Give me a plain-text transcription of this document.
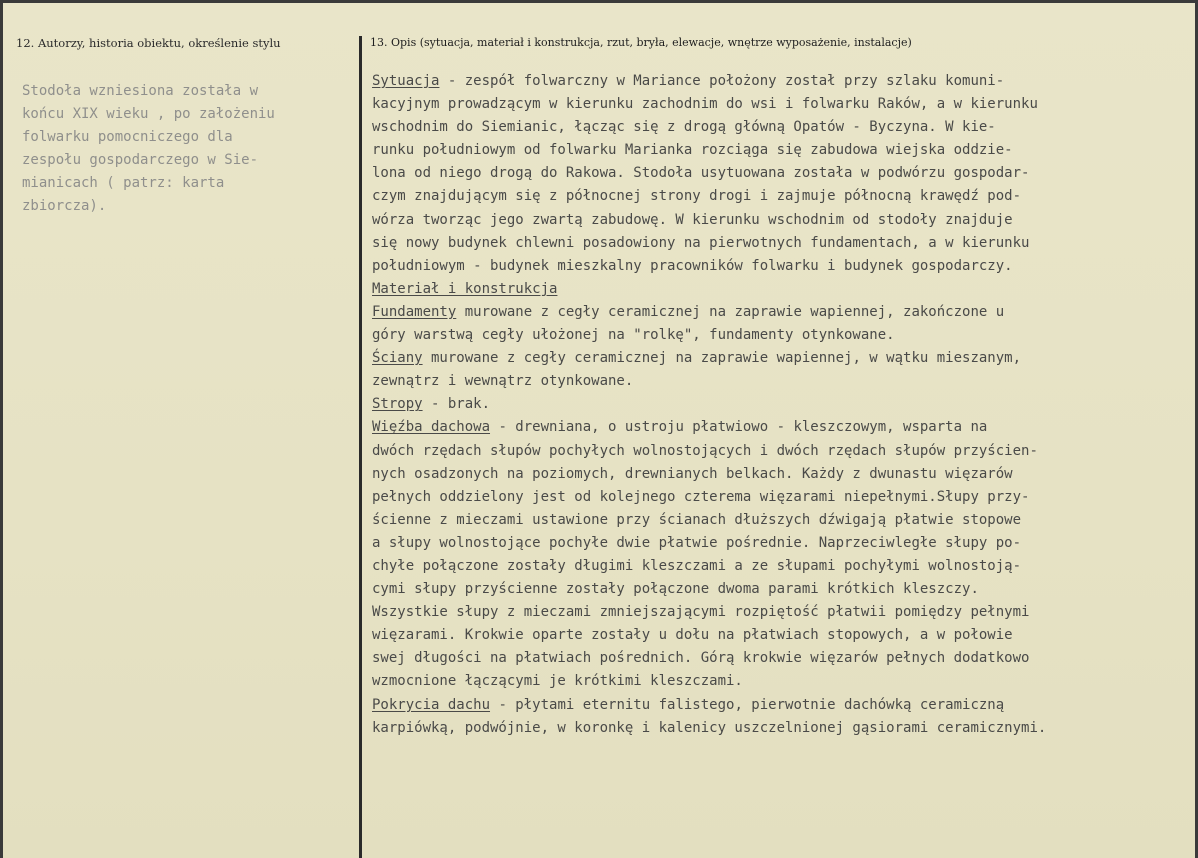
12. Autorzy, historia obiektu, określenie stylu	13. Opis (sytuacja, materiał i konstrukcja, rzut, bryła, elewacje, wnętrze wyposażenie, instalacje)
Stodoła wzniesiona została w
końcu XIX wieku , po założeniu
folwarku pomocniczego dla
zespołu gospodarczego w Sie-
mianicach ( patrz: karta
zbiorcza).
Sytuacja - zespół folwarczny w Mariance położony został przy szlaku komuni-
kacyjnym prowadzącym w kierunku zachodnim do wsi i folwarku Raków, a w kierunku
wschodnim do Siemianic, łącząc się z drogą główną Opatów - Byczyna. W kie-
runku południowym od folwarku Marianka rozciąga się zabudowa wiejska oddzie-
lona od niego drogą do Rakowa. Stodoła usytuowana została w podwórzu gospodar-
czym znajdującym się z północnej strony drogi i zajmuje północną krawędź pod-
wórza tworząc jego zwartą zabudowę. W kierunku wschodnim od stodoły znajduje
się nowy budynek chlewni posadowiony na pierwotnych fundamentach, a w kierunku
południowym - budynek mieszkalny pracowników folwarku i budynek gospodarczy.
Materiał i konstrukcja
Fundamenty murowane z cegły ceramicznej na zaprawie wapiennej, zakończone u
góry warstwą cegły ułożonej na "rolkę", fundamenty otynkowane.
Ściany murowane z cegły ceramicznej na zaprawie wapiennej, w wątku mieszanym,
zewnątrz i wewnątrz otynkowane.
Stropy - brak.
Więźba dachowa - drewniana, o ustroju płatwiowo - kleszczowym, wsparta na
dwóch rzędach słupów pochyłych wolnostojących i dwóch rzędach słupów przyścien-
nych osadzonych na poziomych, drewnianych belkach. Każdy z dwunastu więzarów
pełnych oddzielony jest od kolejnego czterema więzarami niepełnymi.Słupy przy-
ścienne z mieczami ustawione przy ścianach dłuższych dźwigają płatwie stopowe
a słupy wolnostojące pochyłe dwie płatwie pośrednie. Naprzeciwległe słupy po-
chyłe połączone zostały długimi kleszczami a ze słupami pochyłymi wolnostoją-
cymi słupy przyścienne zostały połączone dwoma parami krótkich kleszczy.
Wszystkie słupy z mieczami zmniejszającymi rozpiętość płatwii pomiędzy pełnymi
więzarami. Krokwie oparte zostały u dołu na płatwiach stopowych, a w połowie
swej długości na płatwiach pośrednich. Górą krokwie więzarów pełnych dodatkowo
wzmocnione łączącymi je krótkimi kleszczami.
Pokrycia dachu - płytami eternitu falistego, pierwotnie dachówką ceramiczną
karpiówką, podwójnie, w koronkę i kalenicy uszczelnionej gąsiorami ceramicznymi.
